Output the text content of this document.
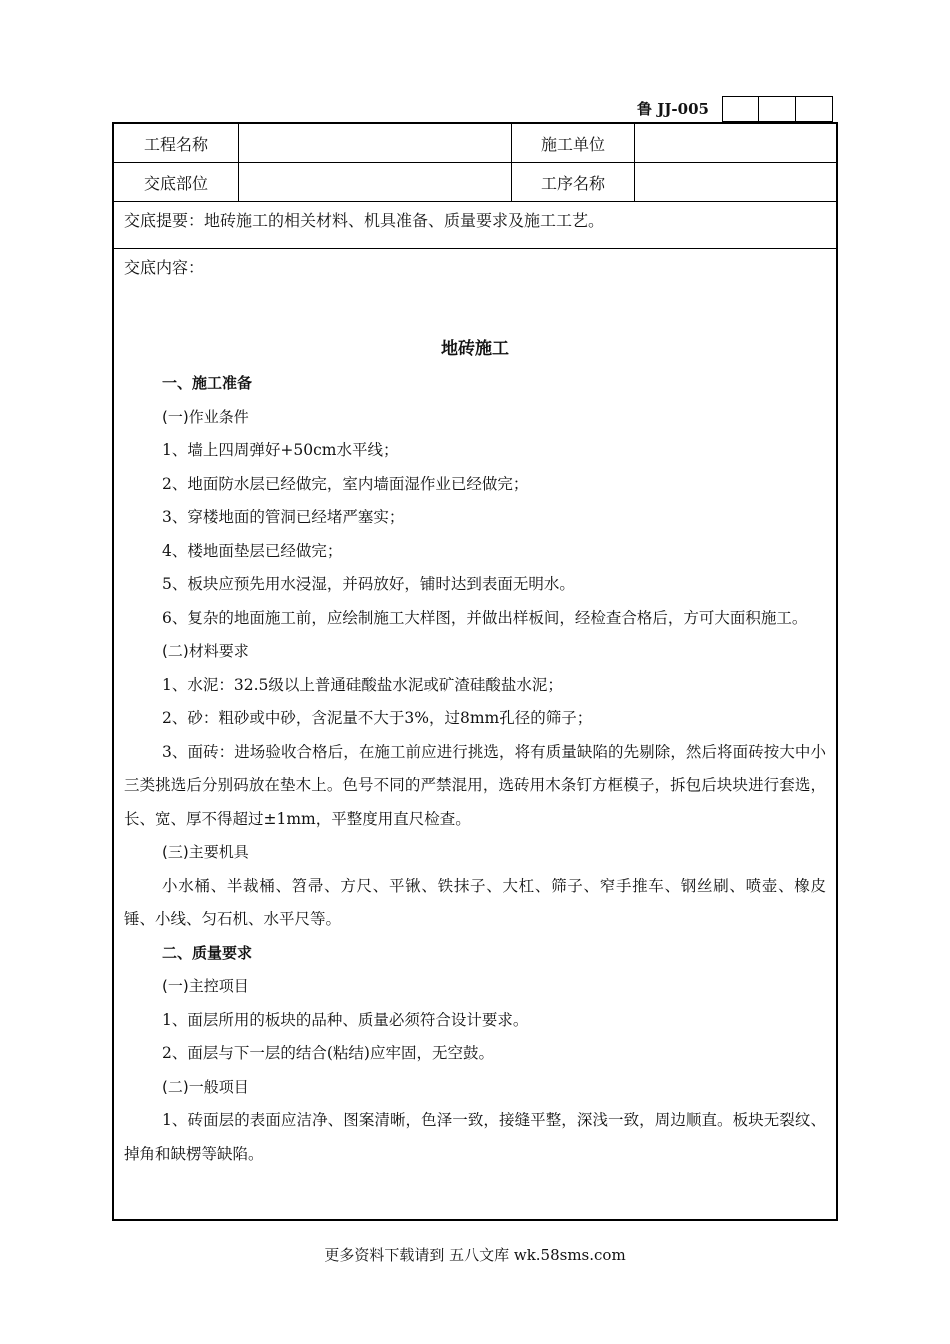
鲁 JJ-005
工程名称	施工单位
交底部位	工序名称
交底提要：地砖施工的相关材料、机具准备、质量要求及施工工艺。
交底内容：
地砖施工
一、施工准备
(一)作业条件
1、墙上四周弹好+50cm水平线；
2、地面防水层已经做完，室内墙面湿作业已经做完；
3、穿楼地面的管洞已经堵严塞实；
4、楼地面垫层已经做完；
5、板块应预先用水浸湿，并码放好，铺时达到表面无明水。
6、复杂的地面施工前，应绘制施工大样图，并做出样板间，经检查合格后，方可大面积施工。
(二)材料要求
1、水泥：32.5级以上普通硅酸盐水泥或矿渣硅酸盐水泥；
2、砂：粗砂或中砂，含泥量不大于3%，过8mm孔径的筛子；
3、面砖：进场验收合格后，在施工前应进行挑选，将有质量缺陷的先剔除，然后将面砖按大中小三类挑选后分别码放在垫木上。色号不同的严禁混用，选砖用木条钉方框模子，拆包后块块进行套选，长、宽、厚不得超过±1mm，平整度用直尺检查。
(三)主要机具
小水桶、半裁桶、笤帚、方尺、平锹、铁抹子、大杠、筛子、窄手推车、钢丝刷、喷壶、橡皮锤、小线、匀石机、水平尺等。
二、质量要求
(一)主控项目
1、面层所用的板块的品种、质量必须符合设计要求。
2、面层与下一层的结合(粘结)应牢固，无空鼓。
(二)一般项目
1、砖面层的表面应洁净、图案清晰，色泽一致，接缝平整，深浅一致，周边顺直。板块无裂纹、掉角和缺楞等缺陷。
更多资料下载请到 五八文库 wk.58sms.com
